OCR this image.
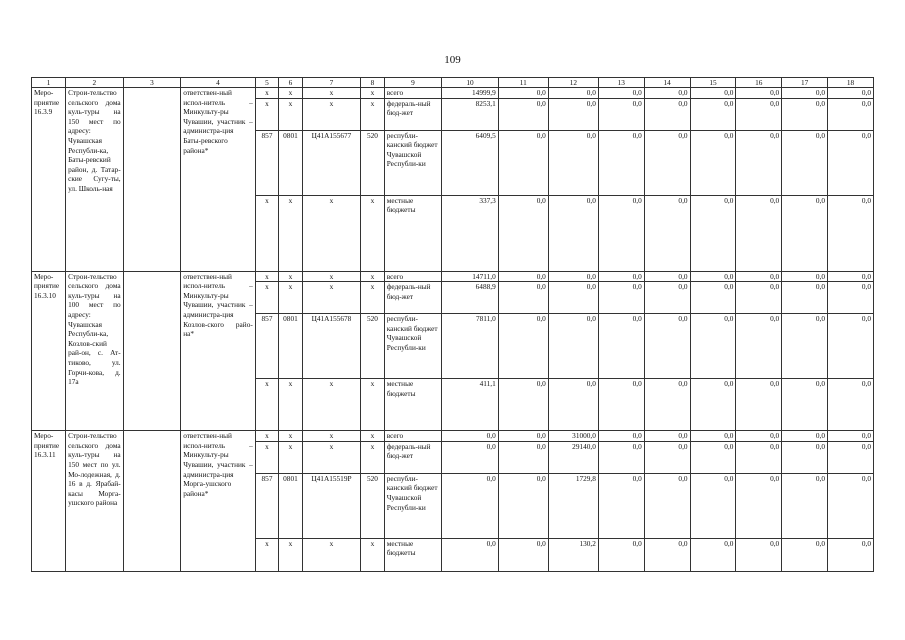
109
1	2	3	4	5	6	7	8	9	10	11	12	13	14	15	16	17	18
Меро-приятие 16.3.9	Строи-тельство сельского дома куль-туры на 150 мест по адресу: Чувашская Республи-ка, Баты-ревский район, д. Татар-ские Сугу-ты, ул. Школь-ная		ответствен-ный испол-нитель – Минкульту-ры Чувашии, участник – администра-ция Баты-ревского района*	x	x	x	x	всего	14999,9	0,0	0,0	0,0	0,0	0,0	0,0	0,0	0,0
				x	x	x	x	федераль-ный бюд-жет	8253,1	0,0	0,0	0,0	0,0	0,0	0,0	0,0	0,0
				857	0801	Ц41А155677	520	республи-канский бюджет Чувашской Республи-ки	6409,5	0,0	0,0	0,0	0,0	0,0	0,0	0,0	0,0
				x	x	x	x	местные бюджеты	337,3	0,0	0,0	0,0	0,0	0,0	0,0	0,0	0,0
Меро-приятие 16.3.10	Строи-тельство сельского дома куль-туры на 100 мест по адресу: Чувашская Республи-ка, Козлов-ский рай-он, с. Ат-тиково, ул. Горчи-кова, д. 17а		ответствен-ный испол-нитель – Минкульту-ры Чувашии, участник – администра-ция Козлов-ского райо-на*	x	x	x	x	всего	14711,0	0,0	0,0	0,0	0,0	0,0	0,0	0,0	0,0
				x	x	x	x	федераль-ный бюд-жет	6488,9	0,0	0,0	0,0	0,0	0,0	0,0	0,0	0,0
				857	0801	Ц41А155678	520	республи-канский бюджет Чувашской Республи-ки	7811,0	0,0	0,0	0,0	0,0	0,0	0,0	0,0	0,0
				x	x	x	x	местные бюджеты	411,1	0,0	0,0	0,0	0,0	0,0	0,0	0,0	0,0
Меро-приятие 16.3.11	Строи-тельство сельского дома куль-туры на 150 мест по ул. Мо-лодежная, д. 16 в д. Ярабай-касы Морга-ушского района		ответствен-ный испол-нитель – Минкульту-ры Чувашии, участник – администра-ция Морга-ушского района*	x	x	x	x	всего	0,0	0,0	31000,0	0,0	0,0	0,0	0,0	0,0	0,0
				x	x	x	x	федераль-ный бюд-жет	0,0	0,0	29140,0	0,0	0,0	0,0	0,0	0,0	0,0
				857	0801	Ц41А15519Р	520	республи-канский бюджет Чувашской Республи-ки	0,0	0,0	1729,8	0,0	0,0	0,0	0,0	0,0	0,0
				x	x	x	x	местные бюджеты	0,0	0,0	130,2	0,0	0,0	0,0	0,0	0,0	0,0
